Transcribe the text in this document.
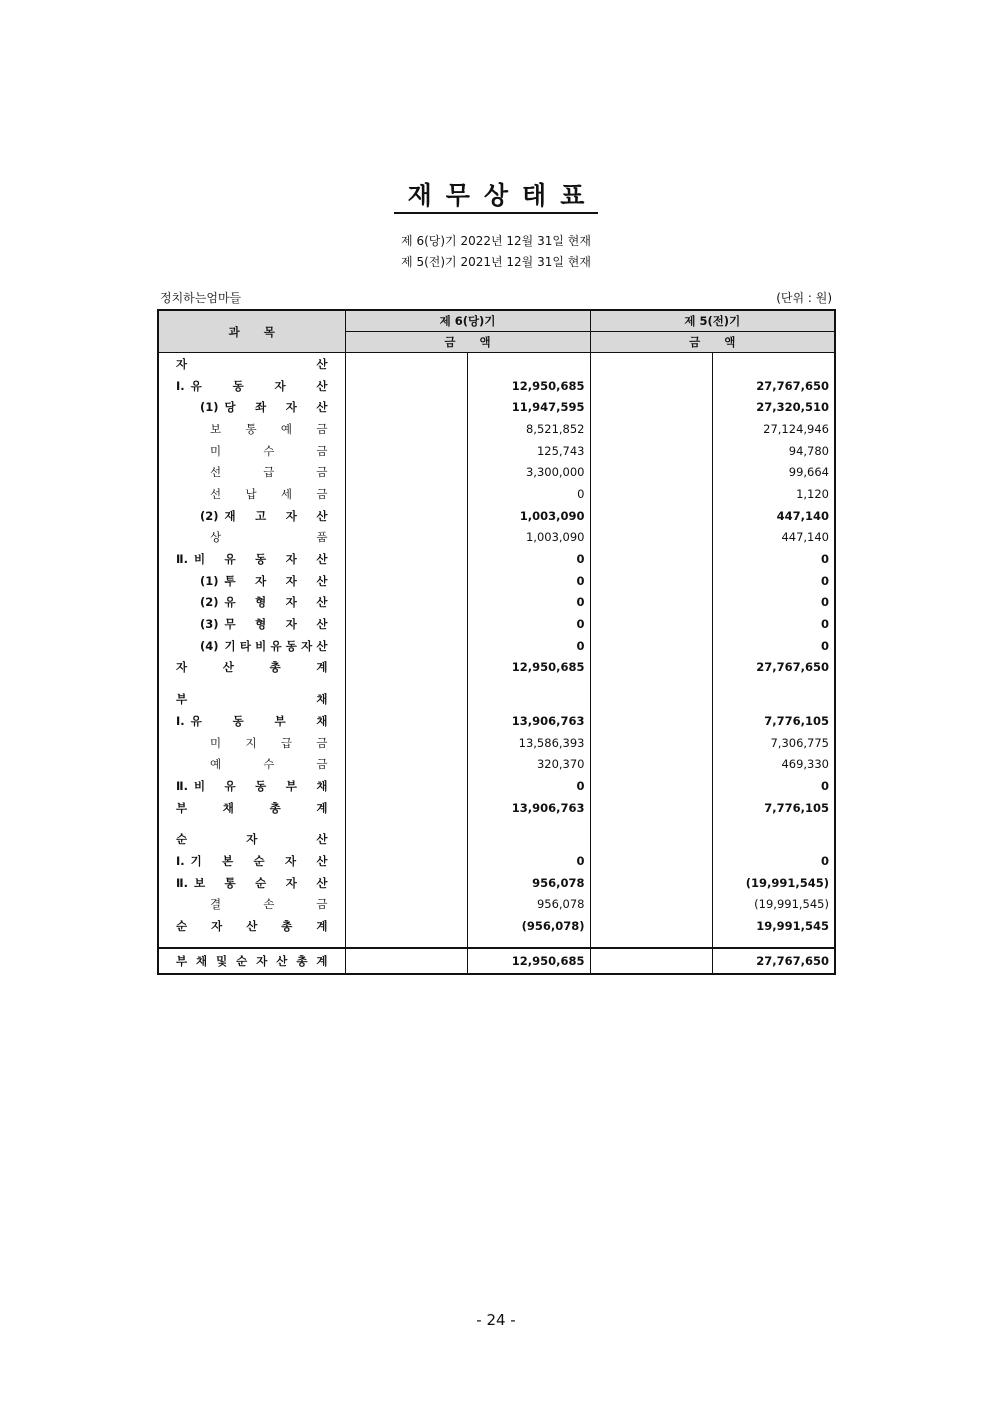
재무상태표
제 6(당)기 2022년 12월 31일 현재
제 5(전)기 2021년 12월 31일 현재
정치하는엄마들	(단위 : 원)
과 목	제 6(당)기		제 5(전)기	
	금 액		금 액	

자 산				

Ⅰ. 유 동 자 산		12,950,685		27,767,650

(1) 당 좌 자 산		11,947,595		27,320,510

보 통 예 금		8,521,852		27,124,946

미 수 금		125,743		94,780

선 급 금		3,300,000		99,664

선 납 세 금		0		1,120

(2) 재 고 자 산		1,003,090		447,140

상 품		1,003,090		447,140

Ⅱ. 비 유 동 자 산		0		0

(1) 투 자 자 산		0		0

(2) 유 형 자 산		0		0

(3) 무 형 자 산		0		0

(4) 기 타 비 유 동 자 산		0		0

자 산 총 계		12,950,685		27,767,650

부 채				

Ⅰ. 유 동 부 채		13,906,763		7,776,105

미 지 급 금		13,586,393		7,306,775

예 수 금		320,370		469,330

Ⅱ. 비 유 동 부 채		0		0

부 채 총 계		13,906,763		7,776,105

순 자 산				

Ⅰ. 기 본 순 자 산		0		0

Ⅱ. 보 통 순 자 산		956,078		(19,991,545)

결 손 금		956,078		(19,991,545)

순 자 산 총 계		(956,078)		19,991,545

부 채 및 순 자 산 총 계		12,950,685		27,767,650
- 24 -
